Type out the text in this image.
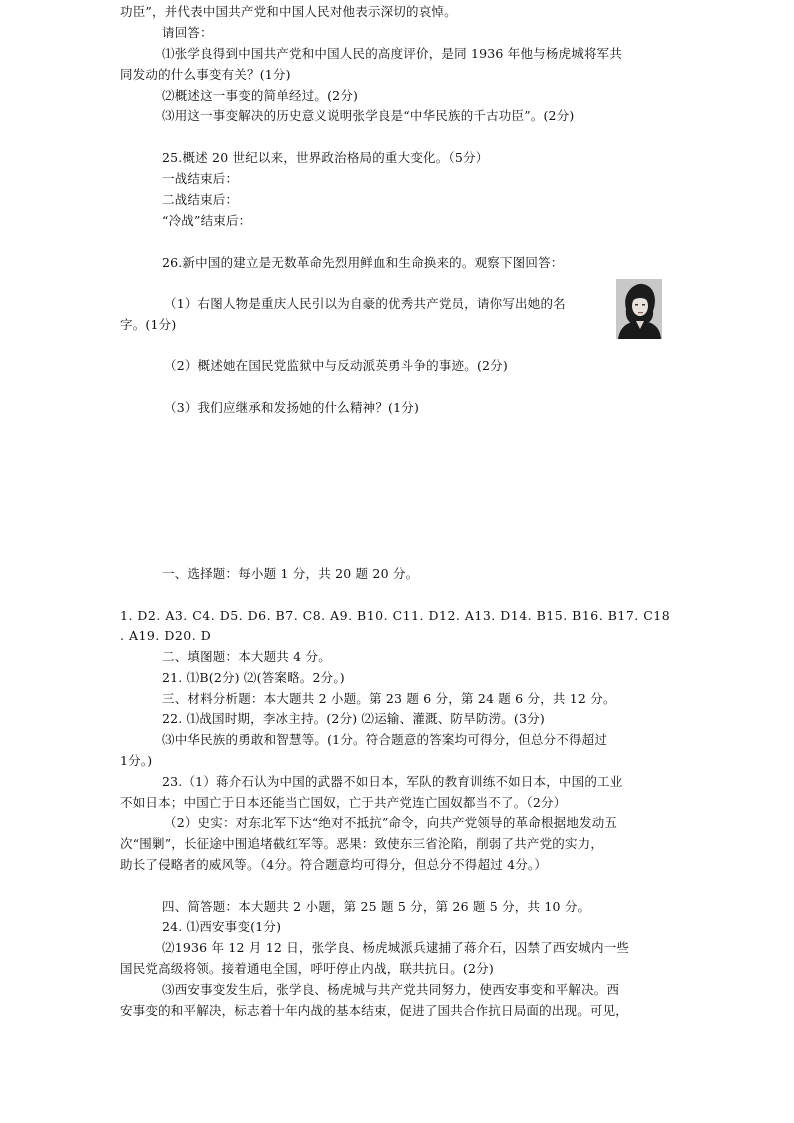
功臣”，并代表中国共产党和中国人民对他表示深切的哀悼。
请回答：
⑴张学良得到中国共产党和中国人民的高度评价，是同 1936 年他与杨虎城将军共
同发动的什么事变有关？(1分)
⑵概述这一事变的简单经过。(2分)
⑶用这一事变解决的历史意义说明张学良是“中华民族的千古功臣”。(2分)
25.概述 20 世纪以来，世界政治格局的重大变化。（5分）
一战结束后：
二战结束后：
“冷战”结束后：
26.新中国的建立是无数革命先烈用鲜血和生命换来的。观察下图回答：
（1）右图人物是重庆人民引以为自豪的优秀共产党员，请你写出她的名
字。(1分)
（2）概述她在国民党监狱中与反动派英勇斗争的事迹。(2分)
（3）我们应继承和发扬她的什么精神？(1分)
一、选择题：每小题 1 分，共 20 题 20 分。
1. D2. A3. C4. D5. D6. B7. C8. A9. B10. C11. D12. A13. D14. B15. B16. B17. C18
. A19. D20. D
二、填图题：本大题共 4 分。
21. ⑴B(2分) ⑵(答案略。2分。)
三、材料分析题：本大题共 2 小题。第 23 题 6 分，第 24 题 6 分，共 12 分。
22. ⑴战国时期，李冰主持。(2分) ⑵运输、灌溉、防旱防涝。(3分)
⑶中华民族的勇敢和智慧等。(1分。符合题意的答案均可得分，但总分不得超过
1分。)
23.（1）蒋介石认为中国的武器不如日本，军队的教育训练不如日本，中国的工业
不如日本；中国亡于日本还能当亡国奴，亡于共产党连亡国奴都当不了。（2分）
（2）史实：对东北军下达“绝对不抵抗”命令，向共产党领导的革命根据地发动五
次“围剿”，长征途中围追堵截红军等。恶果：致使东三省沦陷，削弱了共产党的实力，
助长了侵略者的威风等。（4分。符合题意均可得分，但总分不得超过 4分。）
四、简答题：本大题共 2 小题，第 25 题 5 分，第 26 题 5 分，共 10 分。
24. ⑴西安事变(1分)
⑵1936 年 12 月 12 日，张学良、杨虎城派兵逮捕了蒋介石，囚禁了西安城内一些
国民党高级将领。接着通电全国，呼吁停止内战，联共抗日。(2分)
⑶西安事变发生后，张学良、杨虎城与共产党共同努力，使西安事变和平解决。西
安事变的和平解决，标志着十年内战的基本结束，促进了国共合作抗日局面的出现。可见，
